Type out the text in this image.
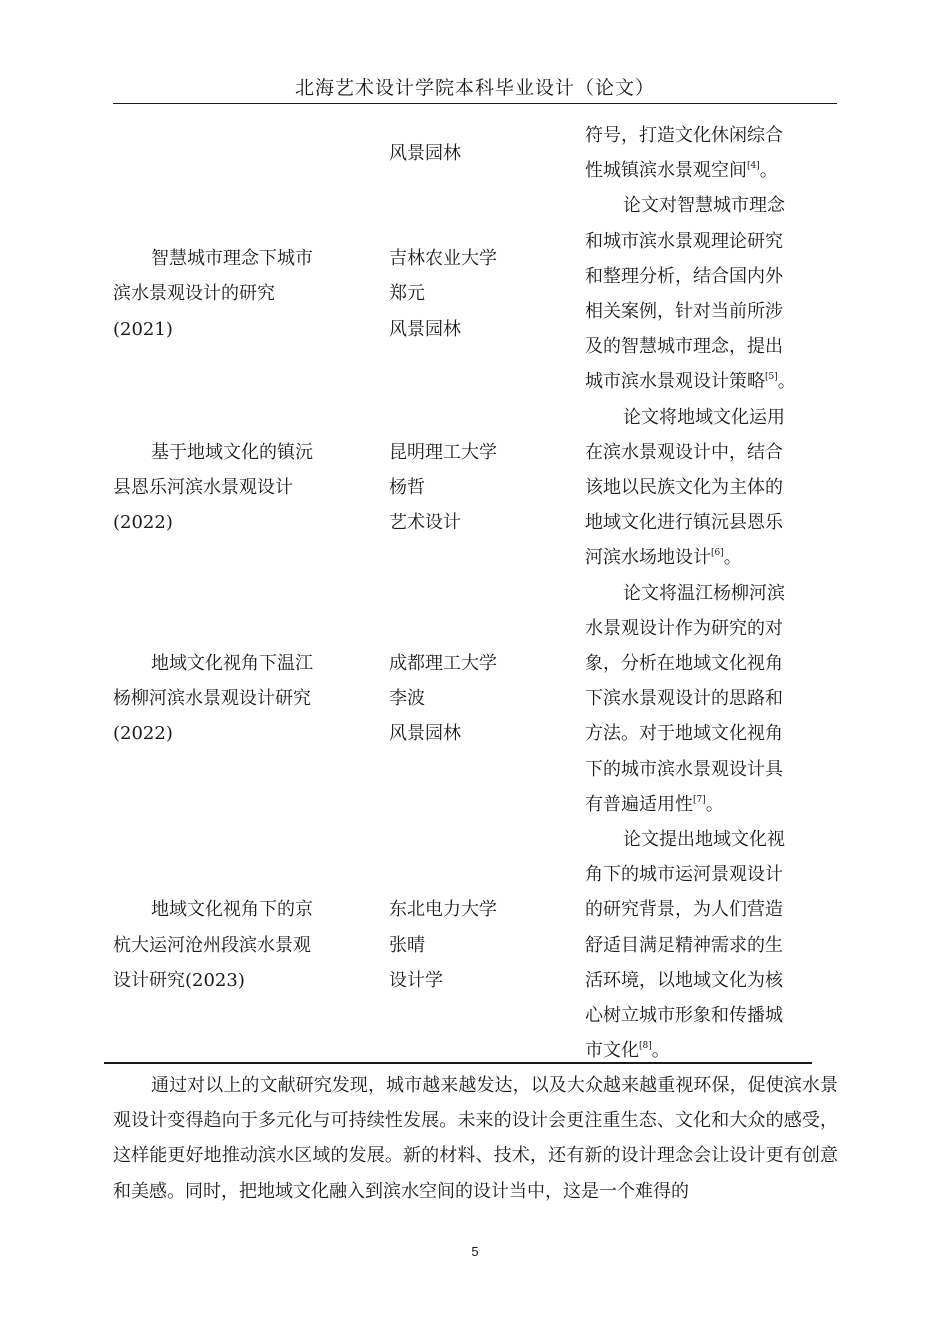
北海艺术设计学院本科毕业设计（论文）
风景园林
符号，打造文化休闲综合
性城镇滨水景观空间[4]。
智慧城市理念下城市
滨水景观设计的研究
(2021)
吉林农业大学
郑元
风景园林
论文对智慧城市理念
和城市滨水景观理论研究
和整理分析，结合国内外
相关案例，针对当前所涉
及的智慧城市理念，提出
城市滨水景观设计策略[5]。
基于地域文化的镇沅
县恩乐河滨水景观设计
(2022)
昆明理工大学
杨哲
艺术设计
论文将地域文化运用
在滨水景观设计中，结合
该地以民族文化为主体的
地域文化进行镇沅县恩乐
河滨水场地设计[6]。
地域文化视角下温江
杨柳河滨水景观设计研究
(2022)
成都理工大学
李波
风景园林
论文将温江杨柳河滨
水景观设计作为研究的对
象，分析在地域文化视角
下滨水景观设计的思路和
方法。对于地域文化视角
下的城市滨水景观设计具
有普遍适用性[7]。
地域文化视角下的京
杭大运河沧州段滨水景观
设计研究(2023)
东北电力大学
张晴
设计学
论文提出地域文化视
角下的城市运河景观设计
的研究背景，为人们营造
舒适目满足精神需求的生
活环境，以地域文化为核
心树立城市形象和传播城
市文化[8]。

通过对以上的文献研究发现，城市越来越发达，以及大众越来越重视环保，促使滨水景观设计变得趋向于多元化与可持续性发展。未来的设计会更注重生态、文化和大众的感受，这样能更好地推动滨水区域的发展。新的材料、技术，还有新的设计理念会让设计更有创意和美感。同时，把地域文化融入到滨水空间的设计当中，这是一个难得的

5
